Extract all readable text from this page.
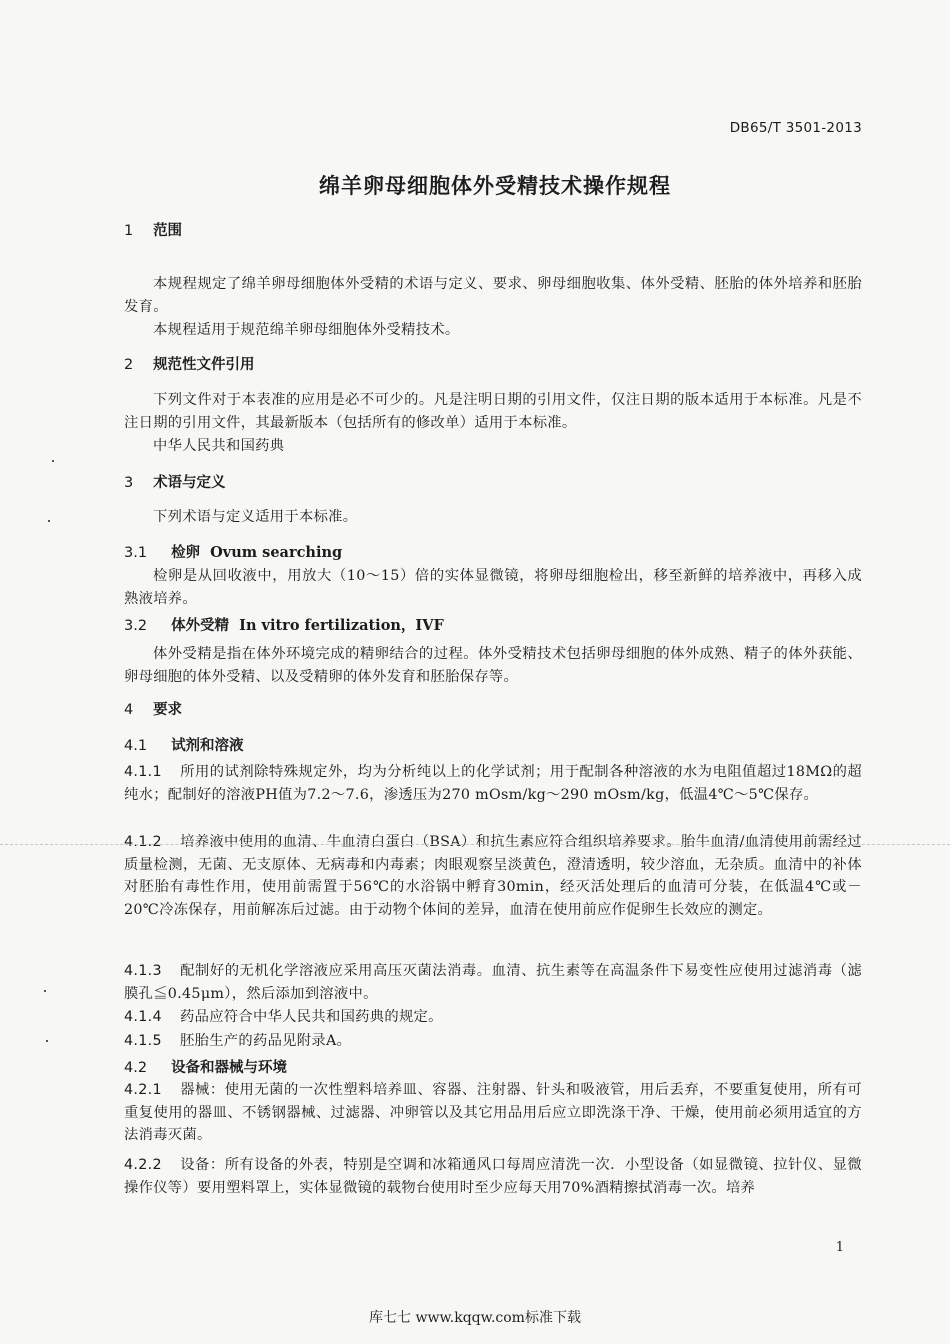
DB65/T 3501-2013
绵羊卵母细胞体外受精技术操作规程
1 范围
本规程规定了绵羊卵母细胞体外受精的术语与定义、要求、卵母细胞收集、体外受精、胚胎的体外培养和胚胎发育。
本规程适用于规范绵羊卵母细胞体外受精技术。
2 规范性文件引用
下列文件对于本表准的应用是必不可少的。凡是注明日期的引用文件，仅注日期的版本适用于本标准。凡是不注日期的引用文件，其最新版本（包括所有的修改单）适用于本标准。
中华人民共和国药典
3 术语与定义
下列术语与定义适用于本标准。
3.1 检卵 Ovum searching
检卵是从回收液中，用放大（10～15）倍的实体显微镜，将卵母细胞检出，移至新鲜的培养液中，再移入成熟液培养。
3.2 体外受精 In vitro fertilization，IVF
体外受精是指在体外环境完成的精卵结合的过程。体外受精技术包括卵母细胞的体外成熟、精子的体外获能、卵母细胞的体外受精、以及受精卵的体外发育和胚胎保存等。
4 要求
4.1 试剂和溶液
4.1.1 所用的试剂除特殊规定外，均为分析纯以上的化学试剂；用于配制各种溶液的水为电阻值超过18MΩ的超纯水；配制好的溶液PH值为7.2～7.6，渗透压为270 mOsm/kg～290 mOsm/kg，低温4℃～5℃保存。
4.1.2 培养液中使用的血清、牛血清白蛋白（BSA）和抗生素应符合组织培养要求。胎牛血清/血清使用前需经过质量检测，无菌、无支原体、无病毒和内毒素；肉眼观察呈淡黄色，澄清透明，较少溶血，无杂质。血清中的补体对胚胎有毒性作用，使用前需置于56℃的水浴锅中孵育30min，经灭活处理后的血清可分装，在低温4℃或－20℃冷冻保存，用前解冻后过滤。由于动物个体间的差异，血清在使用前应作促卵生长效应的测定。
4.1.3 配制好的无机化学溶液应采用高压灭菌法消毒。血清、抗生素等在高温条件下易变性应使用过滤消毒（滤膜孔≦0.45μm），然后添加到溶液中。
4.1.4 药品应符合中华人民共和国药典的规定。
4.1.5 胚胎生产的药品见附录A。
4.2 设备和器械与环境
4.2.1 器械：使用无菌的一次性塑料培养皿、容器、注射器、针头和吸液管，用后丢弃，不要重复使用，所有可重复使用的器皿、不锈钢器械、过滤器、冲卵管以及其它用品用后应立即洗涤干净、干燥，使用前必须用适宜的方法消毒灭菌。
4.2.2 设备：所有设备的外表，特别是空调和冰箱通风口每周应清洗一次．小型设备（如显微镜、拉针仪、显微操作仪等）要用塑料罩上，实体显微镜的载物台使用时至少应每天用70%酒精擦拭消毒一次。培养
1
库七七 www.kqqw.com标准下载
